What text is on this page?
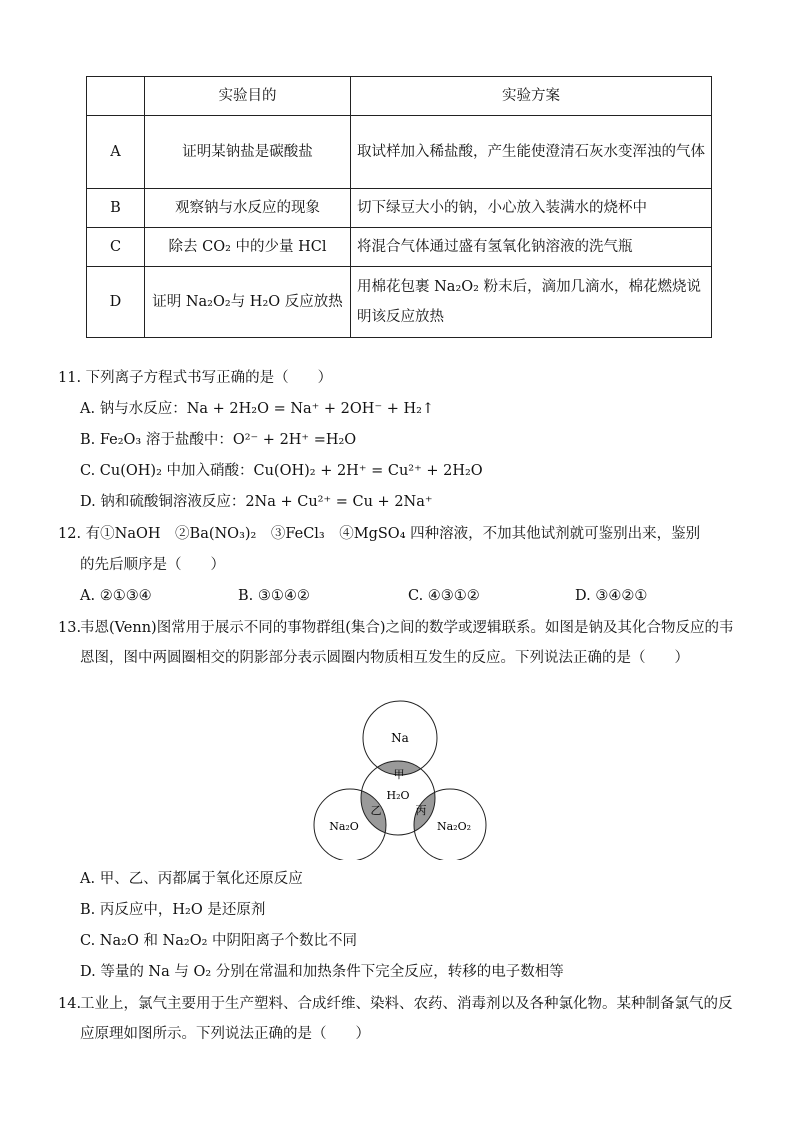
	实验目的	实验方案
A	证明某钠盐是碳酸盐	取试样加入稀盐酸，产生能使澄清石灰水变浑浊的气体
B	观察钠与水反应的现象	切下绿豆大小的钠，小心放入装满水的烧杯中
C	除去 CO₂ 中的少量 HCl	将混合气体通过盛有氢氧化钠溶液的洗气瓶
D	证明 Na₂O₂与 H₂O 反应放热	用棉花包裹 Na₂O₂ 粉末后，滴加几滴水，棉花燃烧说明该反应放热
11. 下列离子方程式书写正确的是（　　）
A. 钠与水反应：Na + 2H₂O = Na⁺ + 2OH⁻ + H₂↑
B. Fe₂O₃ 溶于盐酸中：O²⁻ + 2H⁺ =H₂O
C. Cu(OH)₂ 中加入硝酸：Cu(OH)₂ + 2H⁺ = Cu²⁺ + 2H₂O
D. 钠和硫酸铜溶液反应：2Na + Cu²⁺ = Cu + 2Na⁺
12. 有①NaOH　②Ba(NO₃)₂　③FeCl₃　④MgSO₄ 四种溶液，不加其他试剂就可鉴别出来，鉴别
的先后顺序是（　　）
A. ②①③④	B. ③①④②	C. ④③①②	D. ③④②①
13.
韦恩(Venn)图常用于展示不同的事物群组(集合)之间的数学或逻辑联系。如图是钠及其化合物反应的韦恩图，图中两圆圈相交的阴影部分表示圆圈内物质相互发生的反应。下列说法正确的是（　　）
Na
H₂O
Na₂O	Na₂O₂
甲
乙	丙
A. 甲、乙、丙都属于氧化还原反应
B. 丙反应中，H₂O 是还原剂
C. Na₂O 和 Na₂O₂ 中阴阳离子个数比不同
D. 等量的 Na 与 O₂ 分别在常温和加热条件下完全反应，转移的电子数相等
14.
工业上，氯气主要用于生产塑料、合成纤维、染料、农药、消毒剂以及各种氯化物。某种制备氯气的反应原理如图所示。下列说法正确的是（　　）
